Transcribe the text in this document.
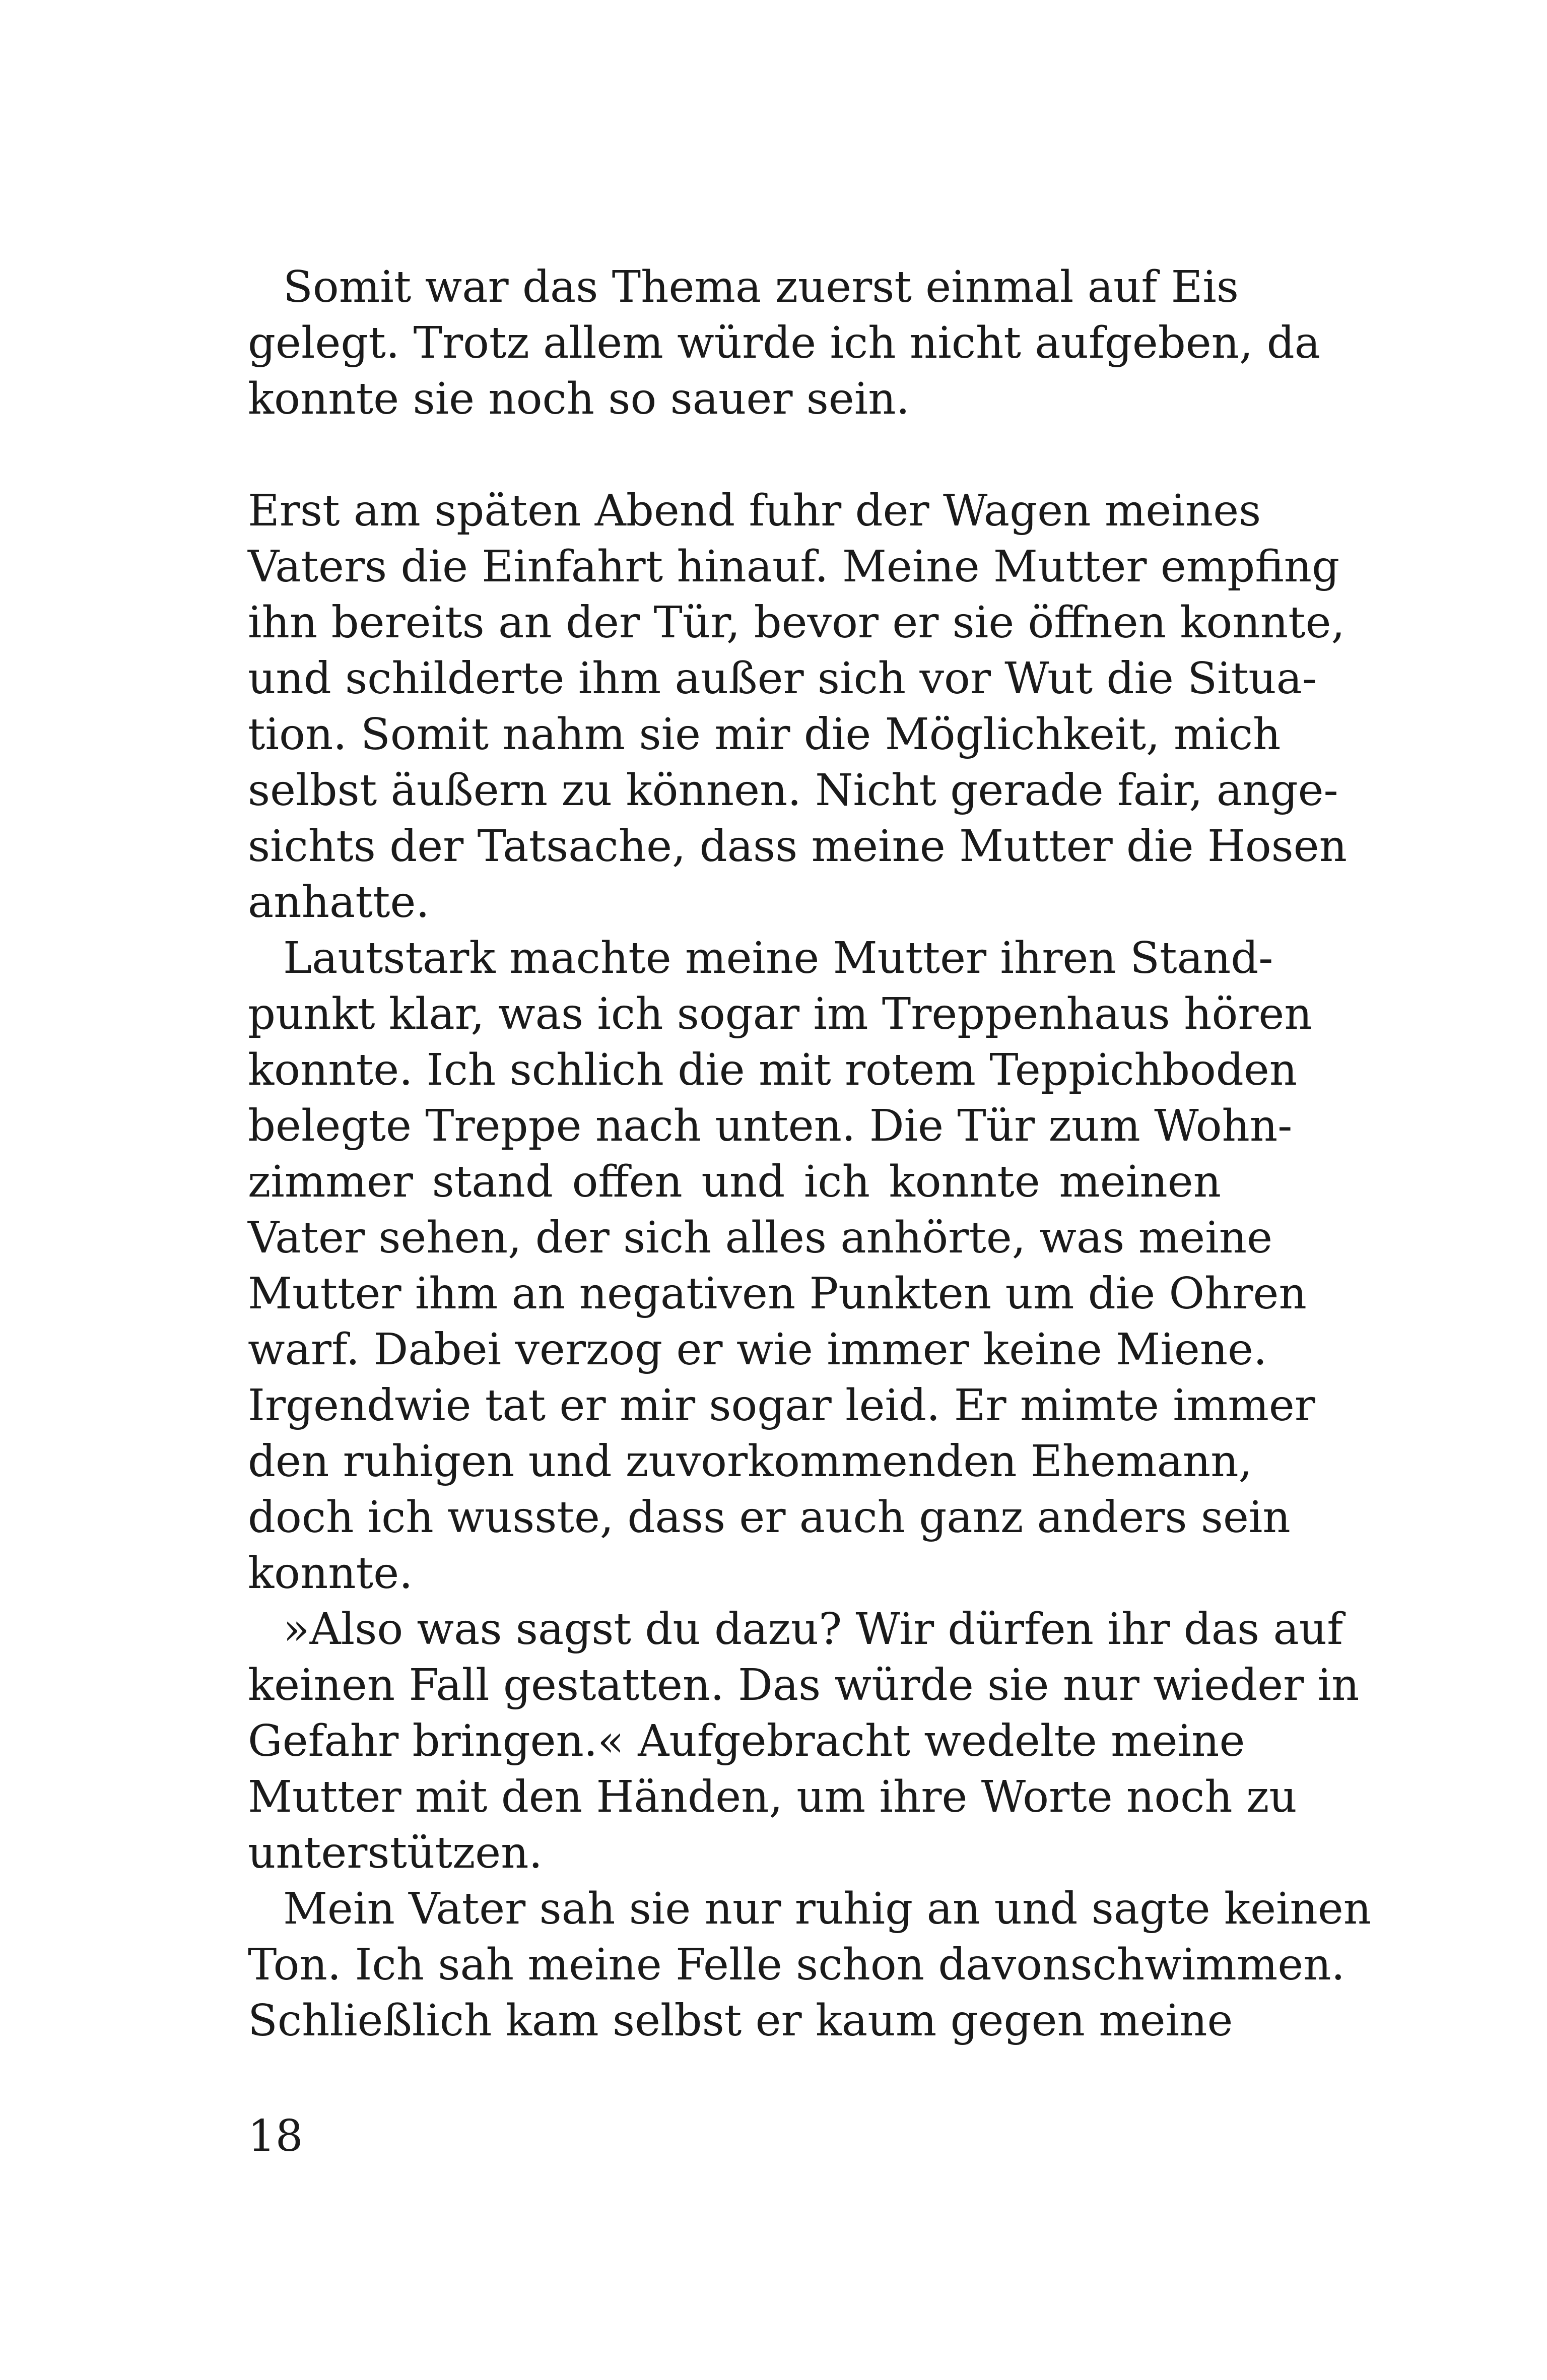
Somit war das Thema zuerst einmal auf Eis
gelegt. Trotz allem würde ich nicht aufgeben, da
konnte sie noch so sauer sein.
Erst am späten Abend fuhr der Wagen meines
Vaters die Einfahrt hinauf. Meine Mutter empfing
ihn bereits an der Tür, bevor er sie öffnen konnte,
und schilderte ihm außer sich vor Wut die Situa-
tion. Somit nahm sie mir die Möglichkeit, mich
selbst äußern zu können. Nicht gerade fair, ange-
sichts der Tatsache, dass meine Mutter die Hosen
anhatte.
Lautstark machte meine Mutter ihren Stand-
punkt klar, was ich sogar im Treppenhaus hören
konnte. Ich schlich die mit rotem Teppichboden
belegte Treppe nach unten. Die Tür zum Wohn-
zimmer stand offen und ich konnte meinen
Vater sehen, der sich alles anhörte, was meine
Mutter ihm an negativen Punkten um die Ohren
warf. Dabei verzog er wie immer keine Miene.
Irgendwie tat er mir sogar leid. Er mimte immer
den ruhigen und zuvorkommenden Ehemann,
doch ich wusste, dass er auch ganz anders sein
konnte.
»Also was sagst du dazu? Wir dürfen ihr das auf
keinen Fall gestatten. Das würde sie nur wieder in
Gefahr bringen.« Aufgebracht wedelte meine
Mutter mit den Händen, um ihre Worte noch zu
unterstützen.
Mein Vater sah sie nur ruhig an und sagte keinen
Ton. Ich sah meine Felle schon davonschwimmen.
Schließlich kam selbst er kaum gegen meine
18
